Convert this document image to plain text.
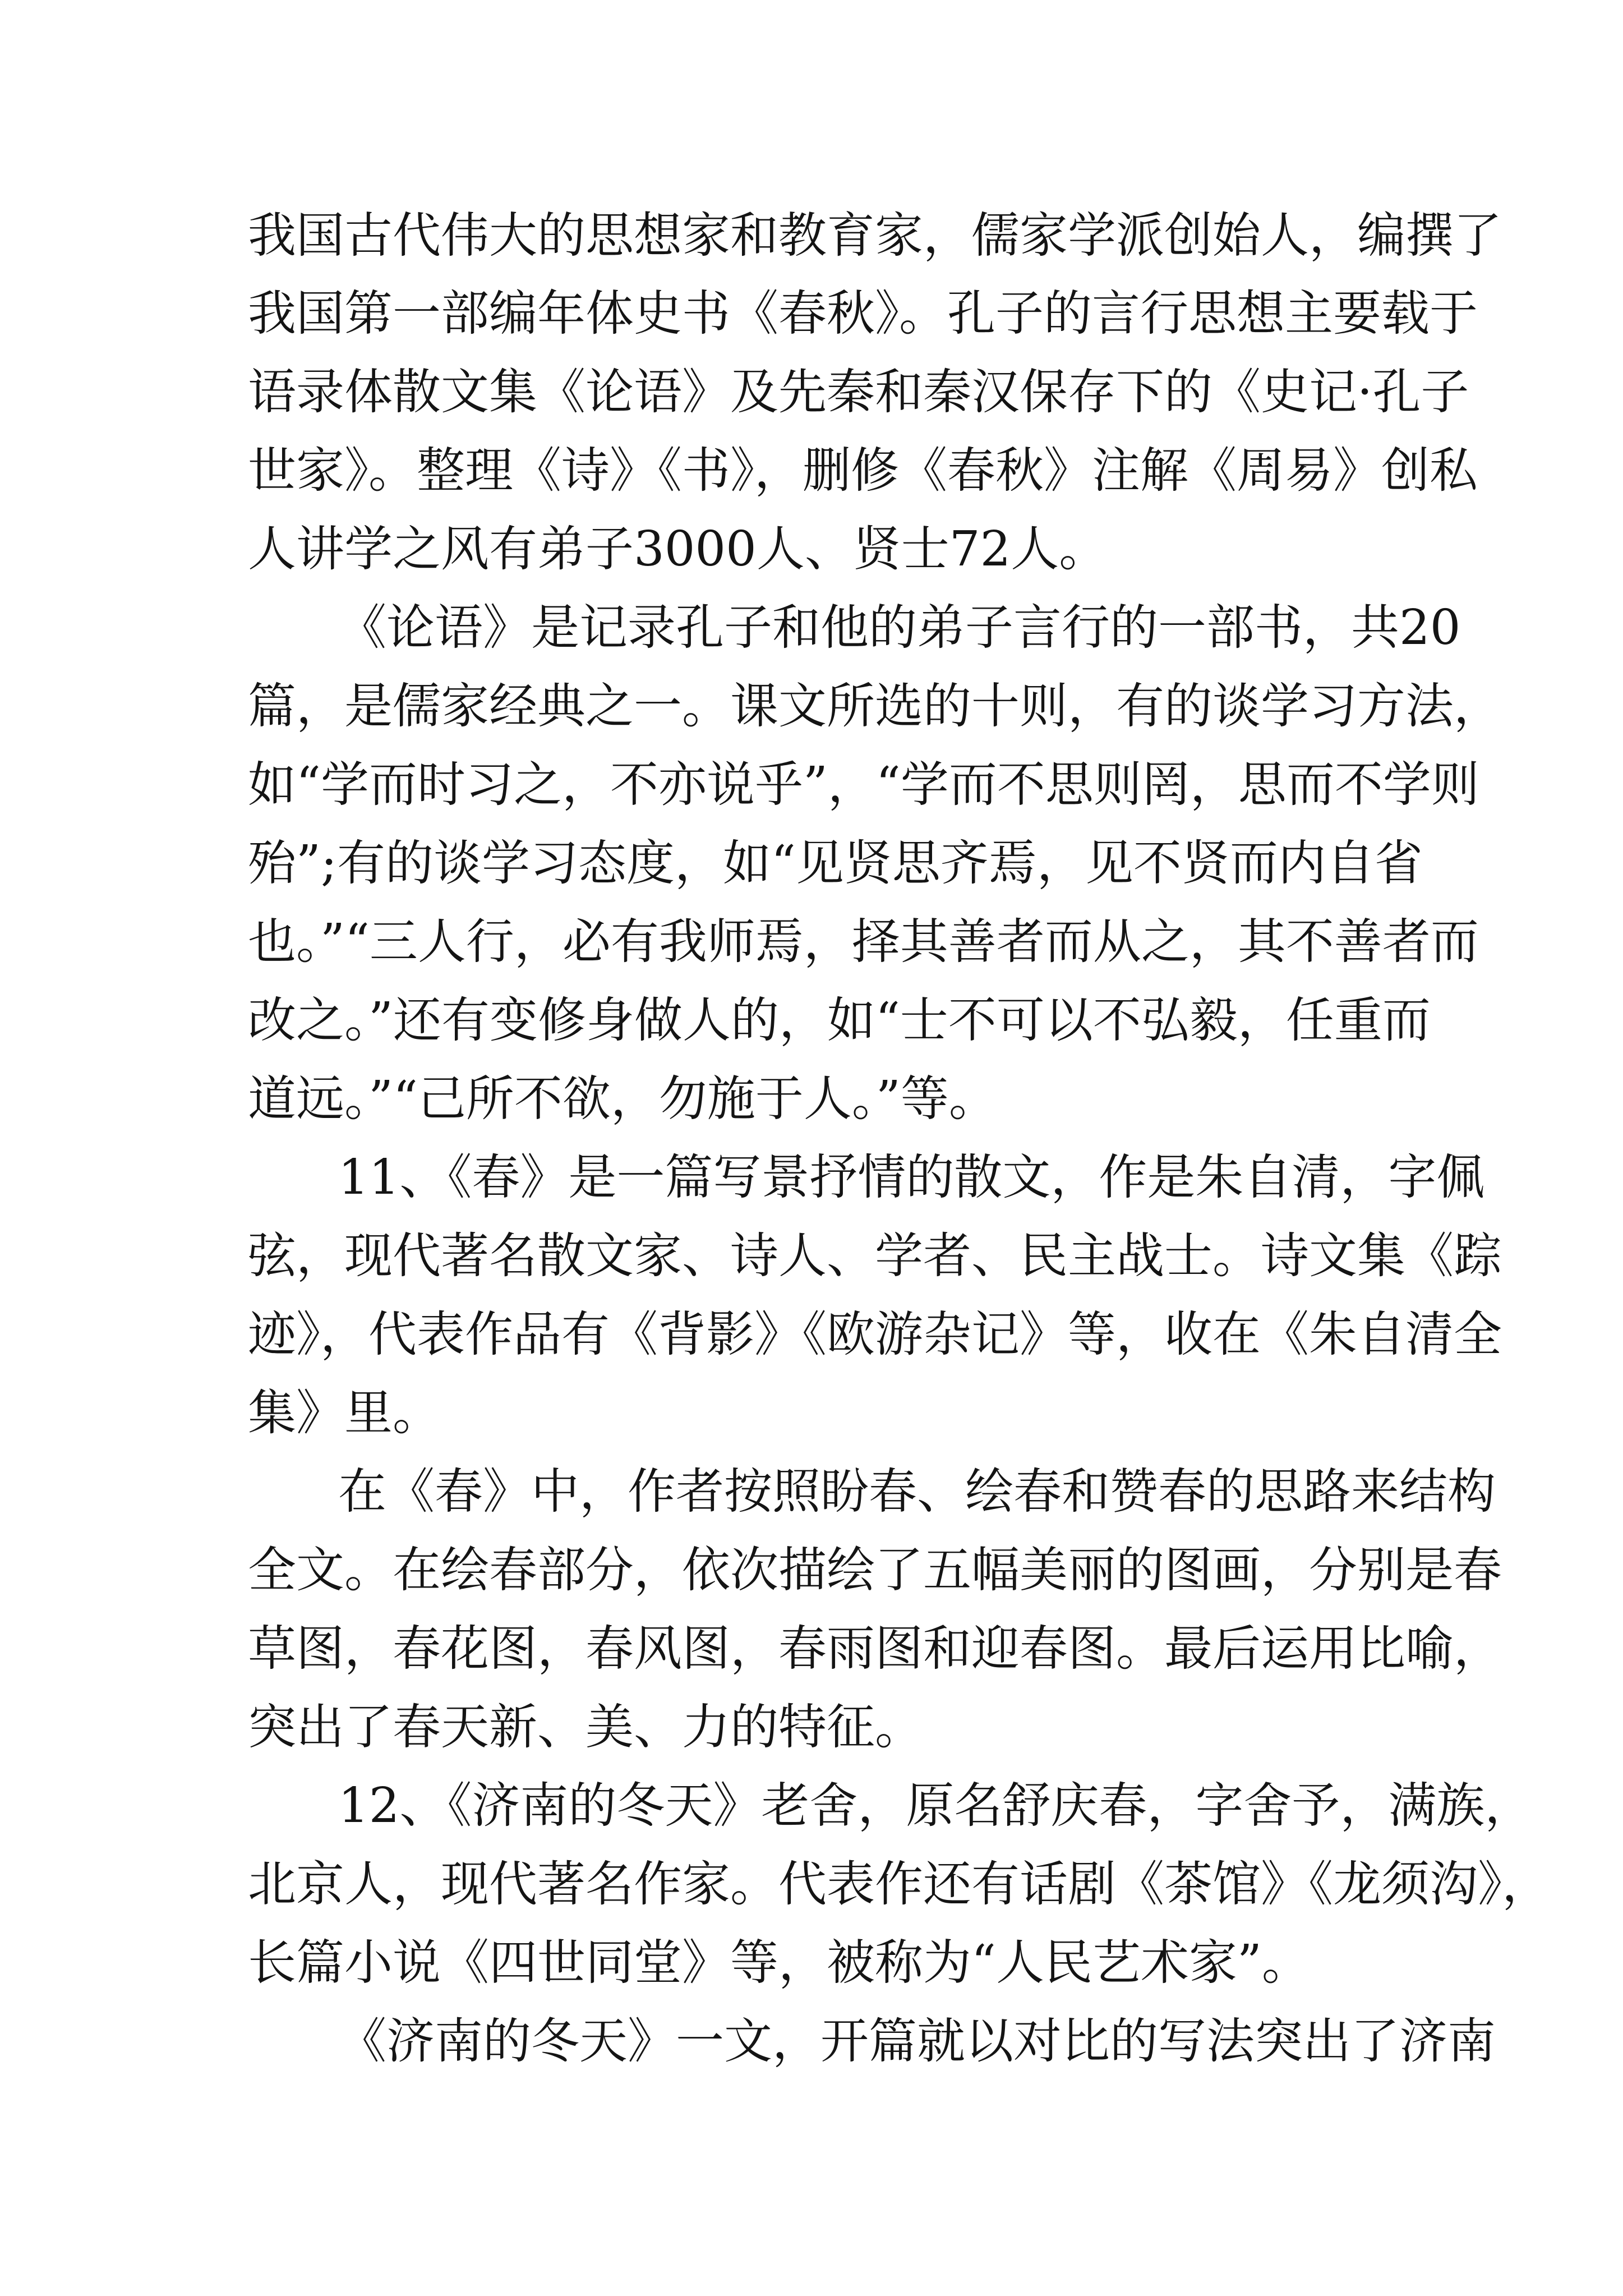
我国古代伟大的思想家和教育家，儒家学派创始人，编撰了
我国第一部编年体史书《春秋》。孔子的言行思想主要载于
语录体散文集《论语》及先秦和秦汉保存下的《史记·孔子
世家》。整理《诗》《书》，删修《春秋》注解《周易》创私
人讲学之风有弟子3000人、贤士72人。
《论语》是记录孔子和他的弟子言行的一部书，共20
篇，是儒家经典之一。课文所选的十则，有的谈学习方法，
如“学而时习之，不亦说乎”，“学而不思则罔，思而不学则
殆”;有的谈学习态度，如“见贤思齐焉，见不贤而内自省
也。”“三人行，必有我师焉，择其善者而从之，其不善者而
改之。”还有变修身做人的，如“士不可以不弘毅，任重而
道远。”“己所不欲，勿施于人。”等。
11、《春》是一篇写景抒情的散文，作是朱自清，字佩
弦，现代著名散文家、诗人、学者、民主战士。诗文集《踪
迹》，代表作品有《背影》《欧游杂记》等，收在《朱自清全
集》里。
在《春》中，作者按照盼春、绘春和赞春的思路来结构
全文。在绘春部分，依次描绘了五幅美丽的图画，分别是春
草图，春花图，春风图，春雨图和迎春图。最后运用比喻，
突出了春天新、美、力的特征。
12、《济南的冬天》老舍，原名舒庆春，字舍予，满族，
北京人，现代著名作家。代表作还有话剧《茶馆》《龙须沟》，
长篇小说《四世同堂》等，被称为“人民艺术家”。
《济南的冬天》一文，开篇就以对比的写法突出了济南
